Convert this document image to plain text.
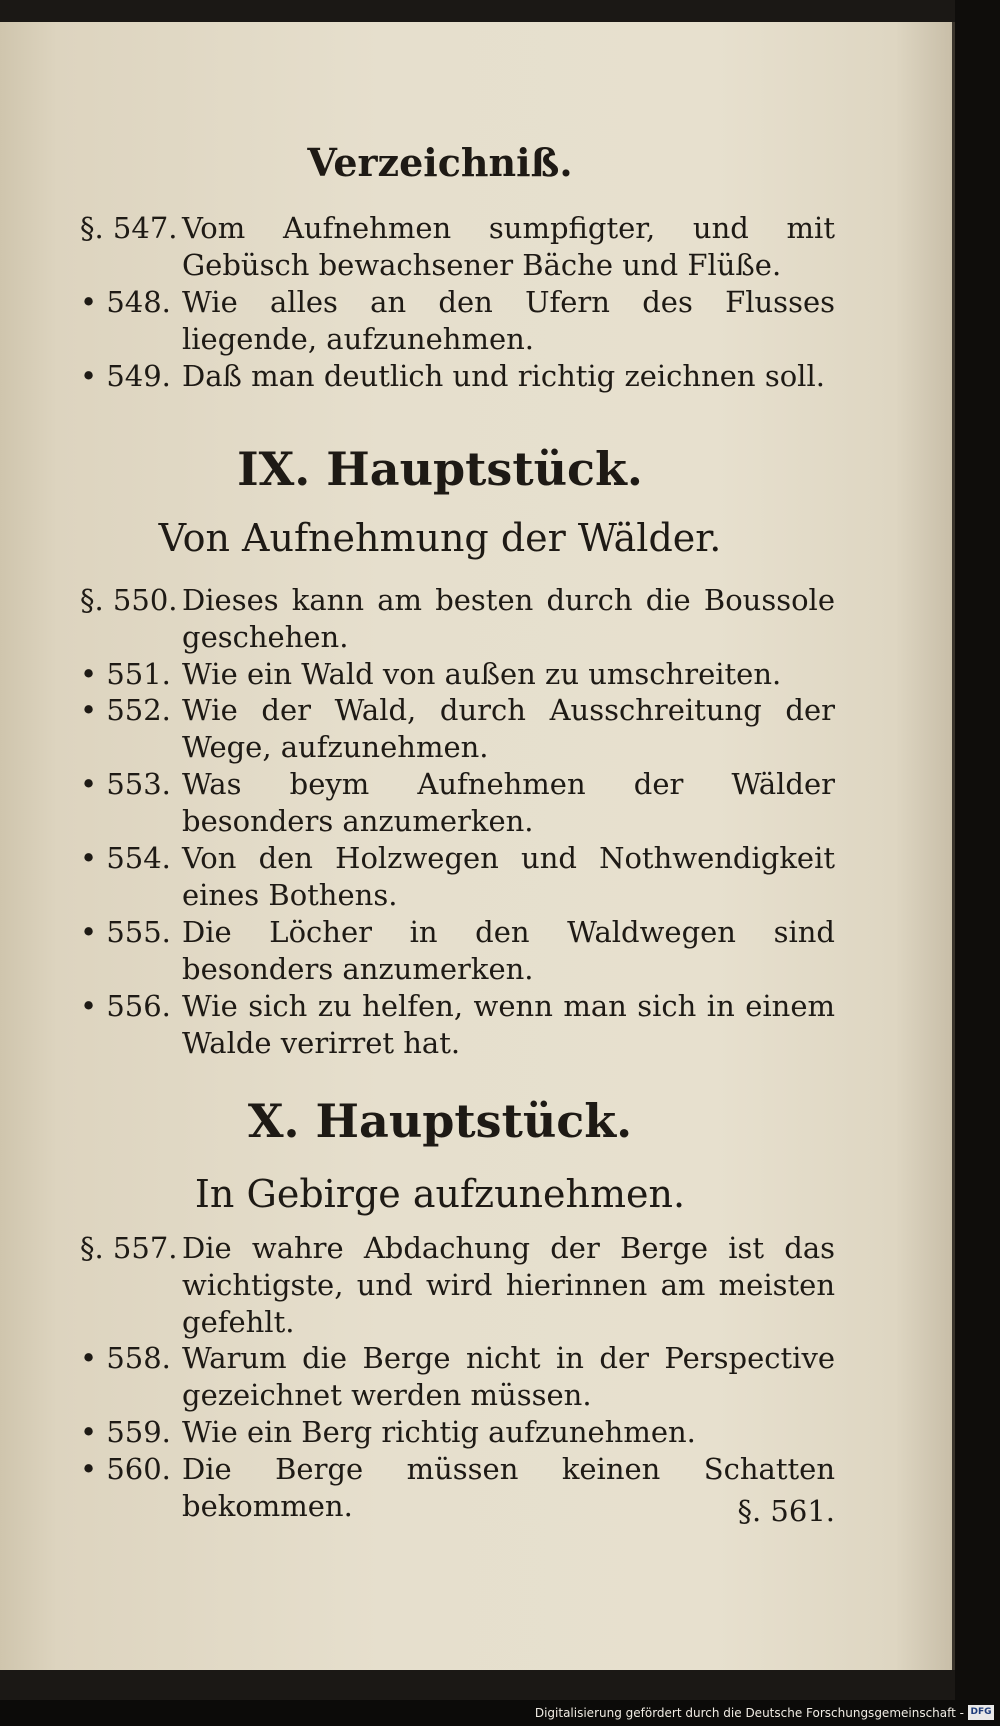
Verzeichniß.
§. 547. Vom Aufnehmen sumpfigter, und mit Gebüsch bewachsener Bäche und Flüße.
• 548. Wie alles an den Ufern des Flusses liegende, aufzunehmen.
• 549. Daß man deutlich und richtig zeichnen soll.
IX. Hauptstück.
Von Aufnehmung der Wälder.
§. 550. Dieses kann am besten durch die Boussole geschehen.
• 551. Wie ein Wald von außen zu umschreiten.
• 552. Wie der Wald, durch Ausschreitung der Wege, aufzunehmen.
• 553. Was beym Aufnehmen der Wälder besonders anzumerken.
• 554. Von den Holzwegen und Nothwendigkeit eines Bothens.
• 555. Die Löcher in den Waldwegen sind besonders anzumerken.
• 556. Wie sich zu helfen, wenn man sich in einem Walde verirret hat.
X. Hauptstück.
In Gebirge aufzunehmen.
§. 557. Die wahre Abdachung der Berge ist das wichtigste, und wird hierinnen am meisten gefehlt.
• 558. Warum die Berge nicht in der Perspective gezeichnet werden müssen.
• 559. Wie ein Berg richtig aufzunehmen.
• 560. Die Berge müssen keinen Schatten bekommen.	§. 561.
Digitalisierung gefördert durch die Deutsche Forschungsgemeinschaft - DFG
